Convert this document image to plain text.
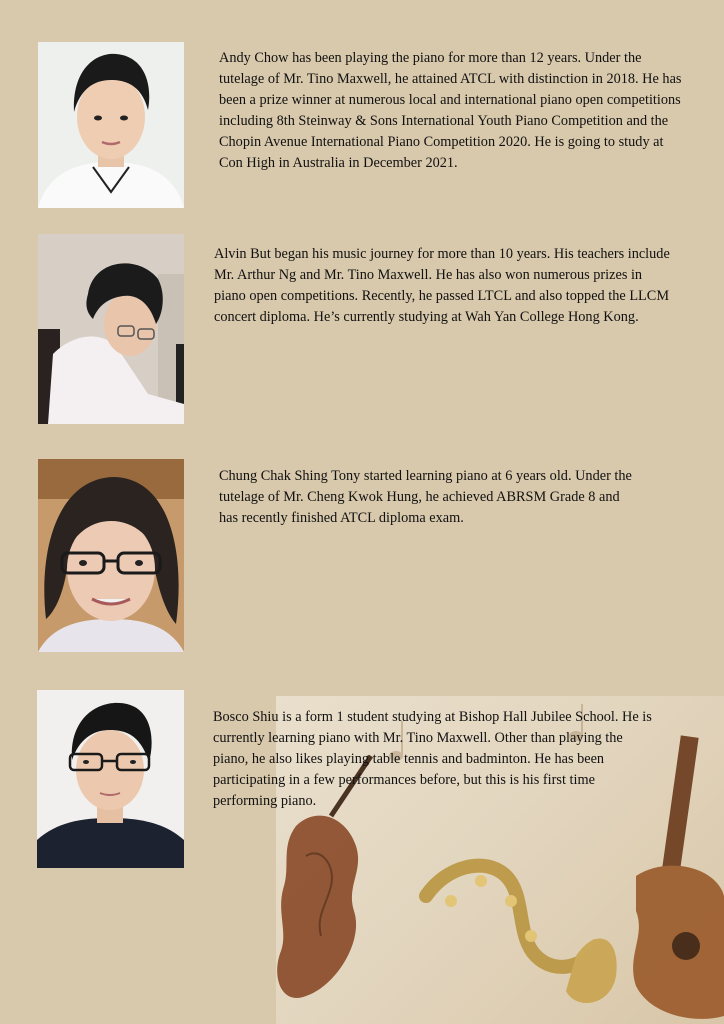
Andy Chow has been playing the piano for more than 12 years. Under the tutelage of Mr. Tino Maxwell, he attained ATCL with distinction in 2018. He has been a prize winner at numerous local and international piano open competitions including 8th Steinway & Sons International Youth Piano Competition and the Chopin Avenue International Piano Competition 2020. He is going to study at Con High in Australia in December 2021.

Alvin But began his music journey for more than 10 years. His teachers include Mr. Arthur Ng and Mr. Tino Maxwell. He has also won numerous prizes in piano open competitions. Recently, he passed LTCL and also topped the LLCM concert diploma. He’s currently studying at Wah Yan College Hong Kong.

Chung Chak Shing Tony started learning piano at 6 years old. Under the tutelage of Mr. Cheng Kwok Hung, he achieved ABRSM Grade 8 and has recently finished ATCL diploma exam.

Bosco Shiu is a form 1 student studying at Bishop Hall Jubilee School. He is currently learning piano with Mr. Tino Maxwell. Other than playing the piano, he also likes playing table tennis and badminton. He has been participating in a few performances before, but this is his first time performing piano.
